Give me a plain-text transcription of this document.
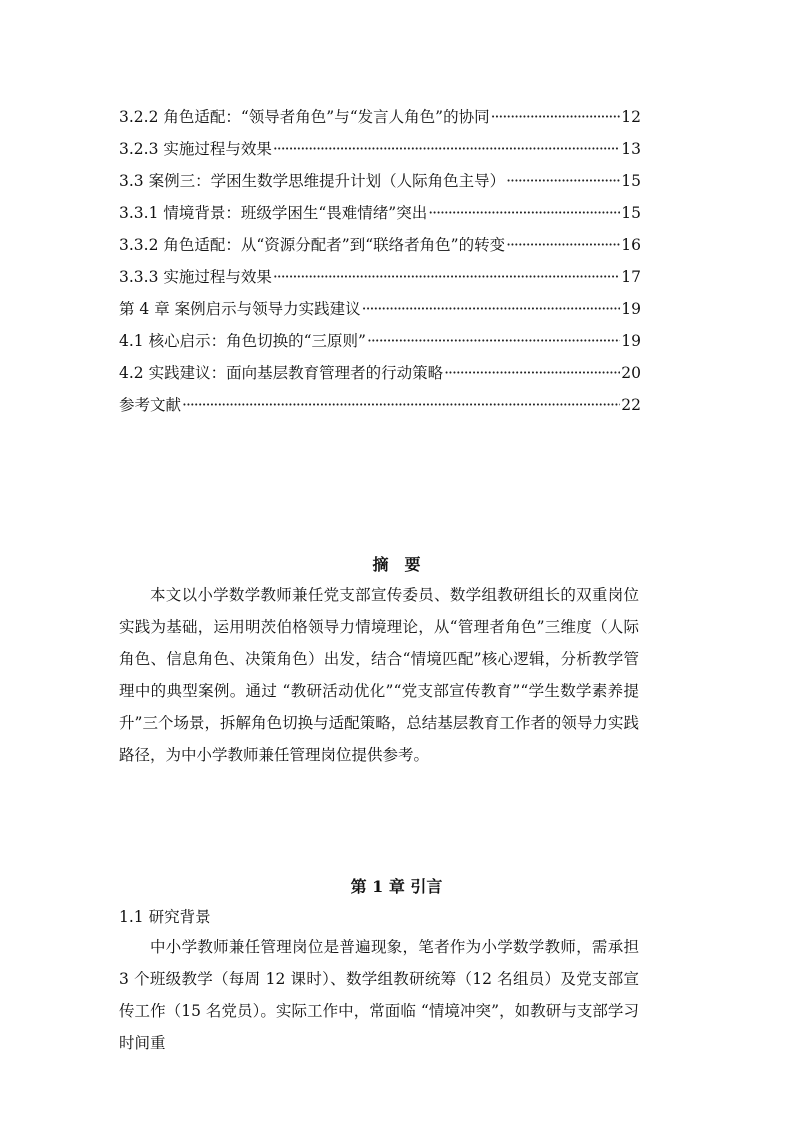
3.2.2 角色适配：“领导者角色”与“发言人角色”的协同 ·····	12
3.2.3 实施过程与效果 ·····	13
3.3 案例三：学困生数学思维提升计划（人际角色主导） ·····	15
3.3.1 情境背景：班级学困生“畏难情绪”突出 ·····	15
3.3.2 角色适配：从“资源分配者”到“联络者角色”的转变 ·····	16
3.3.3 实施过程与效果 ·····	17
第 4 章 案例启示与领导力实践建议 ·····	19
4.1 核心启示：角色切换的“三原则” ·····	19
4.2 实践建议：面向基层教育管理者的行动策略 ·····	20
参考文献 ·····	22
摘　要
本文以小学数学教师兼任党支部宣传委员、数学组教研组长的双重岗位实践为基础，运用明茨伯格领导力情境理论，从“管理者角色”三维度（人际角色、信息角色、决策角色）出发，结合“情境匹配”核心逻辑，分析教学管理中的典型案例。通过 “教研活动优化”“党支部宣传教育”“学生数学素养提升”三个场景，拆解角色切换与适配策略，总结基层教育工作者的领导力实践路径，为中小学教师兼任管理岗位提供参考。
第 1 章 引言
1.1 研究背景
中小学教师兼任管理岗位是普遍现象，笔者作为小学数学教师，需承担 3 个班级教学（每周 12 课时）、数学组教研统筹（12 名组员）及党支部宣传工作（15 名党员）。实际工作中，常面临 “情境冲突”，如教研与支部学习时间重
